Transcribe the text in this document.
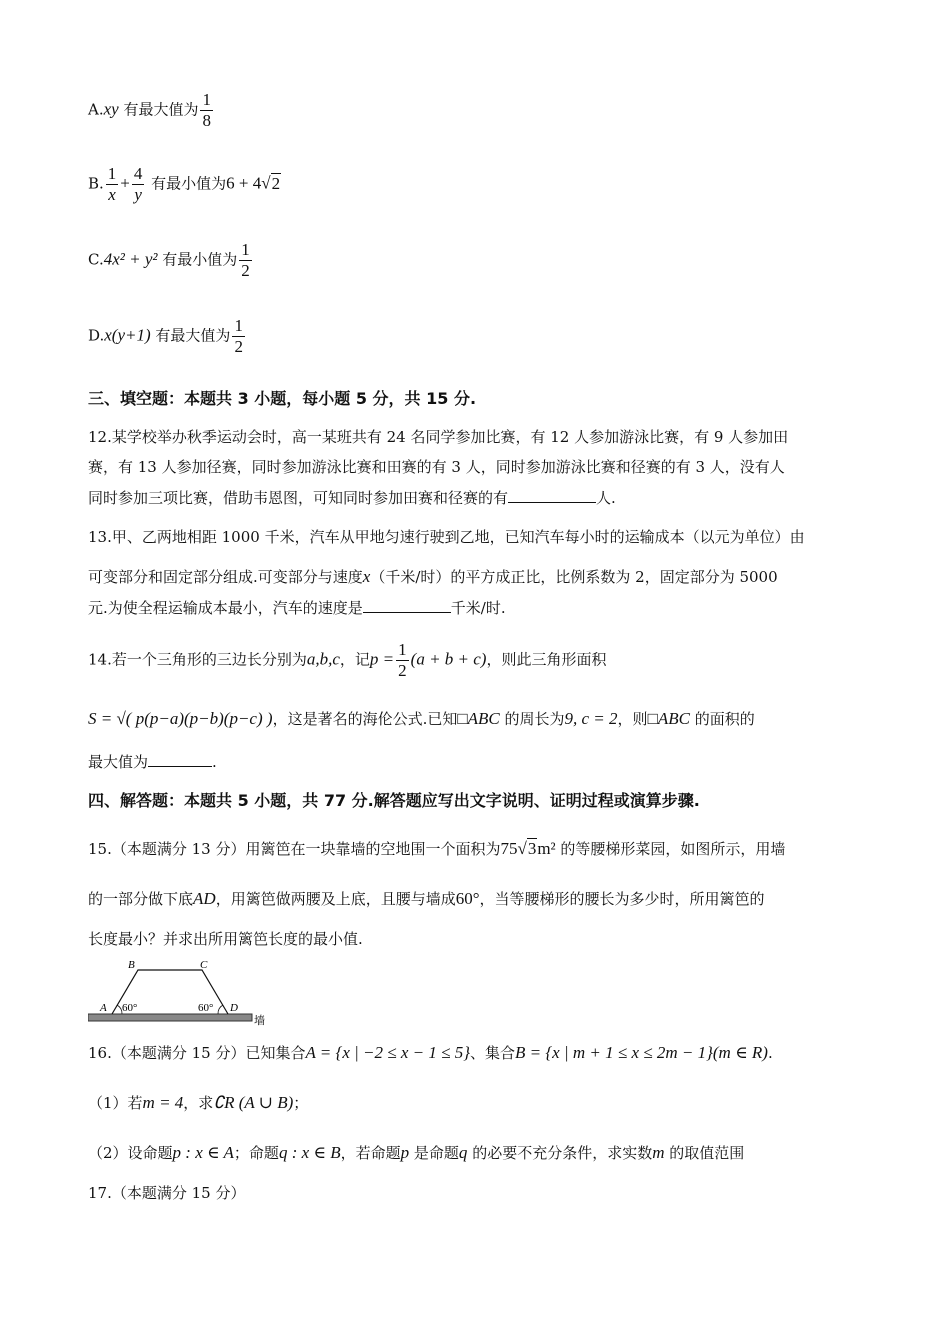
A.xy 有最大值为 $\frac{1}{8}$
B. $\frac{1}{x} + \frac{4}{y}$ 有最小值为6 + 4√2
C.4x² + y² 有最小值为 $\frac{1}{2}$
D.x(y+1) 有最大值为 $\frac{1}{2}$
三、填空题：本题共 3 小题，每小题 5 分，共 15 分.
12.某学校举办秋季运动会时，高一某班共有 24 名同学参加比赛，有 12 人参加游泳比赛，有 9 人参加田
赛，有 13 人参加径赛，同时参加游泳比赛和田赛的有 3 人，同时参加游泳比赛和径赛的有 3 人，没有人
同时参加三项比赛，借助韦恩图，可知同时参加田赛和径赛的有	人.
13.甲、乙两地相距 1000 千米，汽车从甲地匀速行驶到乙地，已知汽车每小时的运输成本（以元为单位）由
可变部分和固定部分组成.可变部分与速度x（千米/时）的平方成正比，比例系数为 2，固定部分为 5000
元.为使全程运输成本最小，汽车的速度是	千米/时.
14.若一个三角形的三边长分别为a,b,c，记$p = \frac{1}{2} (a + b + c)$，则此三角形面积
S = √( p(p−a)(p−b)(p−c) )，这是著名的海伦公式.已知□ABC 的周长为9, c = 2，则□ABC 的面积的
最大值为	.
四、解答题：本题共 5 小题，共 77 分.解答题应写出文字说明、证明过程或演算步骤.
15.（本题满分 13 分）用篱笆在一块靠墙的空地围一个面积为75√3m² 的等腰梯形菜园，如图所示，用墙
的一部分做下底AD，用篱笆做两腰及上底，且腰与墙成60°，当等腰梯形的腰长为多少时，所用篱笆的
长度最小？并求出所用篱笆长度的最小值.
B	C
A	D
60°	60°
墙
16.（本题满分 15 分）已知集合A = {x | −2 ≤ x − 1 ≤ 5}、集合B = {x | m + 1 ≤ x ≤ 2m − 1}(m ∈ R).
（1）若m = 4，求∁R (A ∪ B)；
（2）设命题p : x ∈ A；命题q : x ∈ B，若命题p 是命题q 的必要不充分条件，求实数m 的取值范围
17.（本题满分 15 分）
